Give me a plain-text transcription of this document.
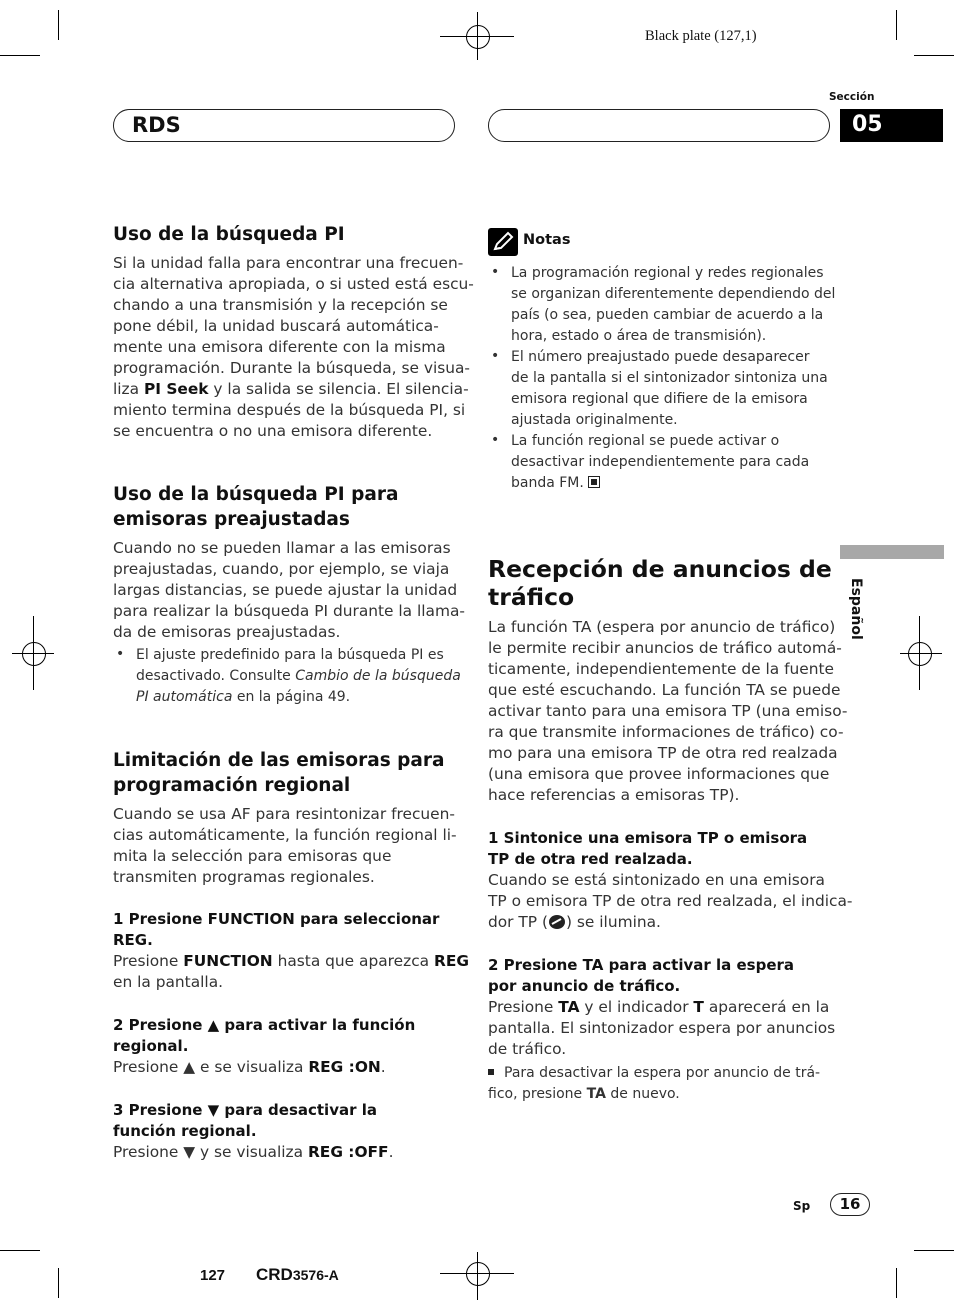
Black plate (127,1)
Sección
RDS	05
Uso de la búsqueda PI
Si la unidad falla para encontrar una frecuen-
cia alternativa apropiada, o si usted está escu-
chando a una transmisión y la recepción se
pone débil, la unidad buscará automática-
mente una emisora diferente con la misma
programación. Durante la búsqueda, se visua-
liza PI Seek y la salida se silencia. El silencia-
miento termina después de la búsqueda PI, si
se encuentra o no una emisora diferente.
Uso de la búsqueda PI para
emisoras preajustadas
Cuando no se pueden llamar a las emisoras
preajustadas, cuando, por ejemplo, se viaja
largas distancias, se puede ajustar la unidad
para realizar la búsqueda PI durante la llama-
da de emisoras preajustadas.
• El ajuste predefinido para la búsqueda PI es
desactivado. Consulte Cambio de la búsqueda
PI automática en la página 49.
Limitación de las emisoras para
programación regional
Cuando se usa AF para resintonizar frecuen-
cias automáticamente, la función regional li-
mita la selección para emisoras que
transmiten programas regionales.
1 Presione FUNCTION para seleccionar
REG.
Presione FUNCTION hasta que aparezca REG
en la pantalla.
2 Presione ▲ para activar la función
regional.
Presione ▲ e se visualiza REG :ON.
3 Presione ▼ para desactivar la
función regional.
Presione ▼ y se visualiza REG :OFF.
Notas
• La programación regional y redes regionales
se organizan diferentemente dependiendo del
país (o sea, pueden cambiar de acuerdo a la
hora, estado o área de transmisión).
• El número preajustado puede desaparecer
de la pantalla si el sintonizador sintoniza una
emisora regional que difiere de la emisora
ajustada originalmente.
• La función regional se puede activar o
desactivar independientemente para cada
banda FM.
Recepción de anuncios de
tráfico
La función TA (espera por anuncio de tráfico)
le permite recibir anuncios de tráfico automá-
ticamente, independientemente de la fuente
que esté escuchando. La función TA se puede
activar tanto para una emisora TP (una emiso-
ra que transmite informaciones de tráfico) co-
mo para una emisora TP de otra red realzada
(una emisora que provee informaciones que
hace referencias a emisoras TP).
1 Sintonice una emisora TP o emisora
TP de otra red realzada.
Cuando se está sintonizado en una emisora
TP o emisora TP de otra red realzada, el indica-
dor TP ( ) se ilumina.
2 Presione TA para activar la espera
por anuncio de tráfico.
Presione TA y el indicador T aparecerá en la
pantalla. El sintonizador espera por anuncios
de tráfico.
Para desactivar la espera por anuncio de trá-
fico, presione TA de nuevo.
Español
Sp	16
127 CRD3576-A
